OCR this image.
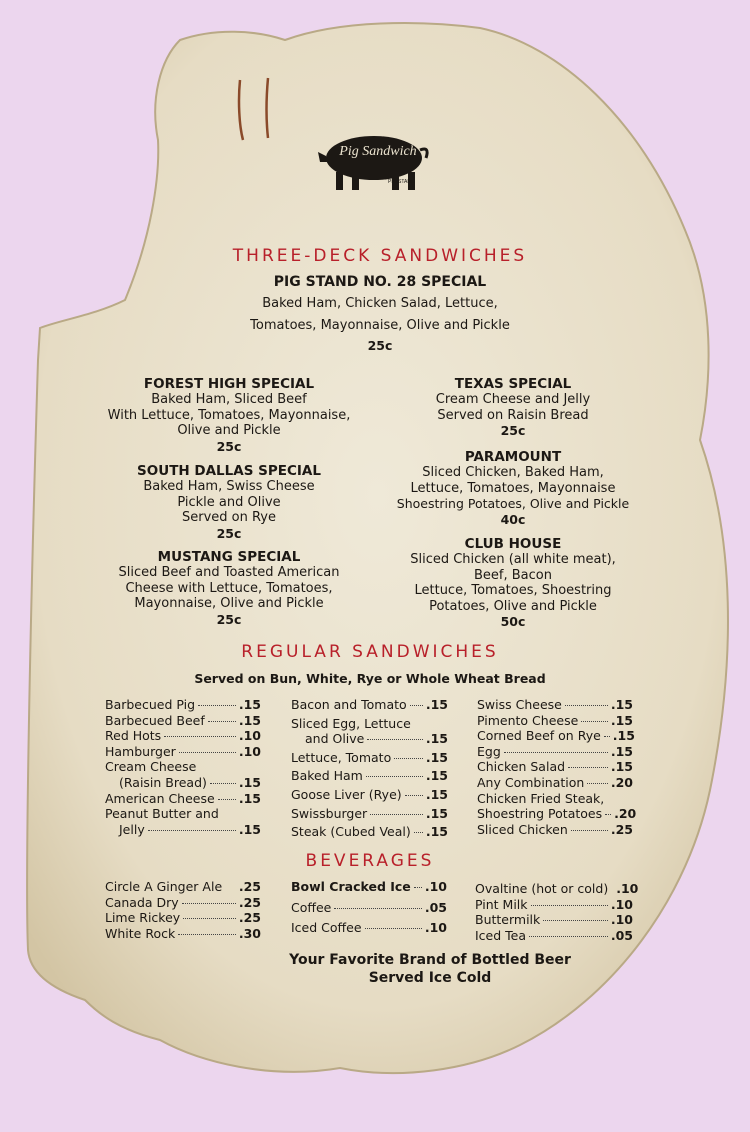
PIG STAND
Pig Sandwich
THREE-DECK SANDWICHES
PIG STAND NO. 28 SPECIAL
Baked Ham, Chicken Salad, Lettuce,
Tomatoes, Mayonnaise, Olive and Pickle
25c
FOREST HIGH SPECIAL
Baked Ham, Sliced Beef
With Lettuce, Tomatoes, Mayonnaise,
Olive and Pickle
25c
SOUTH DALLAS SPECIAL
Baked Ham, Swiss Cheese
Pickle and Olive
Served on Rye
25c
MUSTANG SPECIAL
Sliced Beef and Toasted American
Cheese with Lettuce, Tomatoes,
Mayonnaise, Olive and Pickle
25c
TEXAS SPECIAL
Cream Cheese and Jelly
Served on Raisin Bread
25c
PARAMOUNT
Sliced Chicken, Baked Ham,
Lettuce, Tomatoes, Mayonnaise
Shoestring Potatoes, Olive and Pickle
40c
CLUB HOUSE
Sliced Chicken (all white meat),
Beef, Bacon
Lettuce, Tomatoes, Shoestring
Potatoes, Olive and Pickle
50c
REGULAR SANDWICHES
Served on Bun, White, Rye or Whole Wheat Bread
Barbecued Pig	.15
Barbecued Beef	.15
Red Hots	.10
Hamburger	.10
Cream Cheese
(Raisin Bread)	.15
American Cheese .15
Peanut Butter and
Jelly	.15
Bacon and Tomato .15
Sliced Egg, Lettuce
and Olive	.15
Lettuce, Tomato	.15
Baked Ham	.15
Goose Liver (Rye) .15
Swissburger	.15
Steak (Cubed Veal) .15
Swiss Cheese	.15
Pimento Cheese	.15
Corned Beef on Rye .15
Egg	.15
Chicken Salad	.15
Any Combination .20
Chicken Fried Steak,
Shoestring Potatoes .20
Sliced Chicken	.25
BEVERAGES
Circle A Ginger Ale .25
Canada Dry	.25
Lime Rickey	.25
White Rock	.30
Bowl Cracked Ice .10
Coffee	.05
Iced Coffee	.10
Ovaltine (hot or cold) .10
Pint Milk	.10
Buttermilk	.10
Iced Tea	.05
Your Favorite Brand of Bottled Beer
Served Ice Cold
